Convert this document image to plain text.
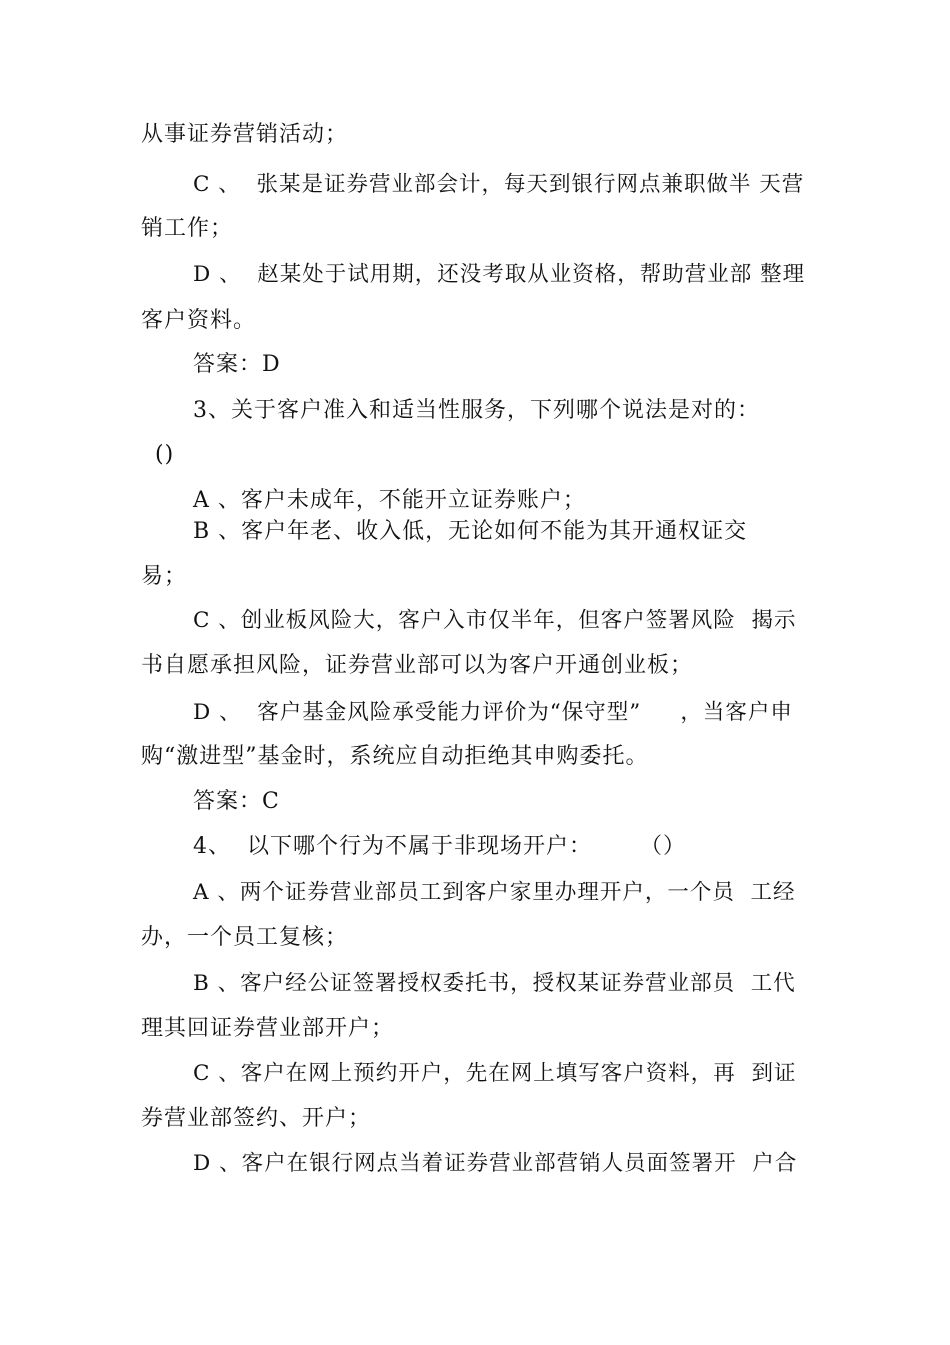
从事证券营销活动；
C 、  张某是证券营业部会计，每天到银行网点兼职做半 天营
销工作；
D 、  赵某处于试用期，还没考取从业资格，帮助营业部 整理
客户资料。
答案：D
3、关于客户准入和适当性服务，下列哪个说法是对的：
()
A 、客户未成年，不能开立证券账户；
B 、客户年老、收入低，无论如何不能为其开通权证交
易；
C 、创业板风险大，客户入市仅半年，但客户签署风险  揭示
书自愿承担风险，证券营业部可以为客户开通创业板；
D 、  客户基金风险承受能力评价为“保守型”     ，当客户申
购“激进型”基金时，系统应自动拒绝其申购委托。
答案：C
4、  以下哪个行为不属于非现场开户：      （）
A 、两个证券营业部员工到客户家里办理开户，一个员  工经
办，一个员工复核；
B 、客户经公证签署授权委托书，授权某证券营业部员  工代
理其回证券营业部开户；
C 、客户在网上预约开户，先在网上填写客户资料，再  到证
券营业部签约、开户；
D 、客户在银行网点当着证券营业部营销人员面签署开  户合
